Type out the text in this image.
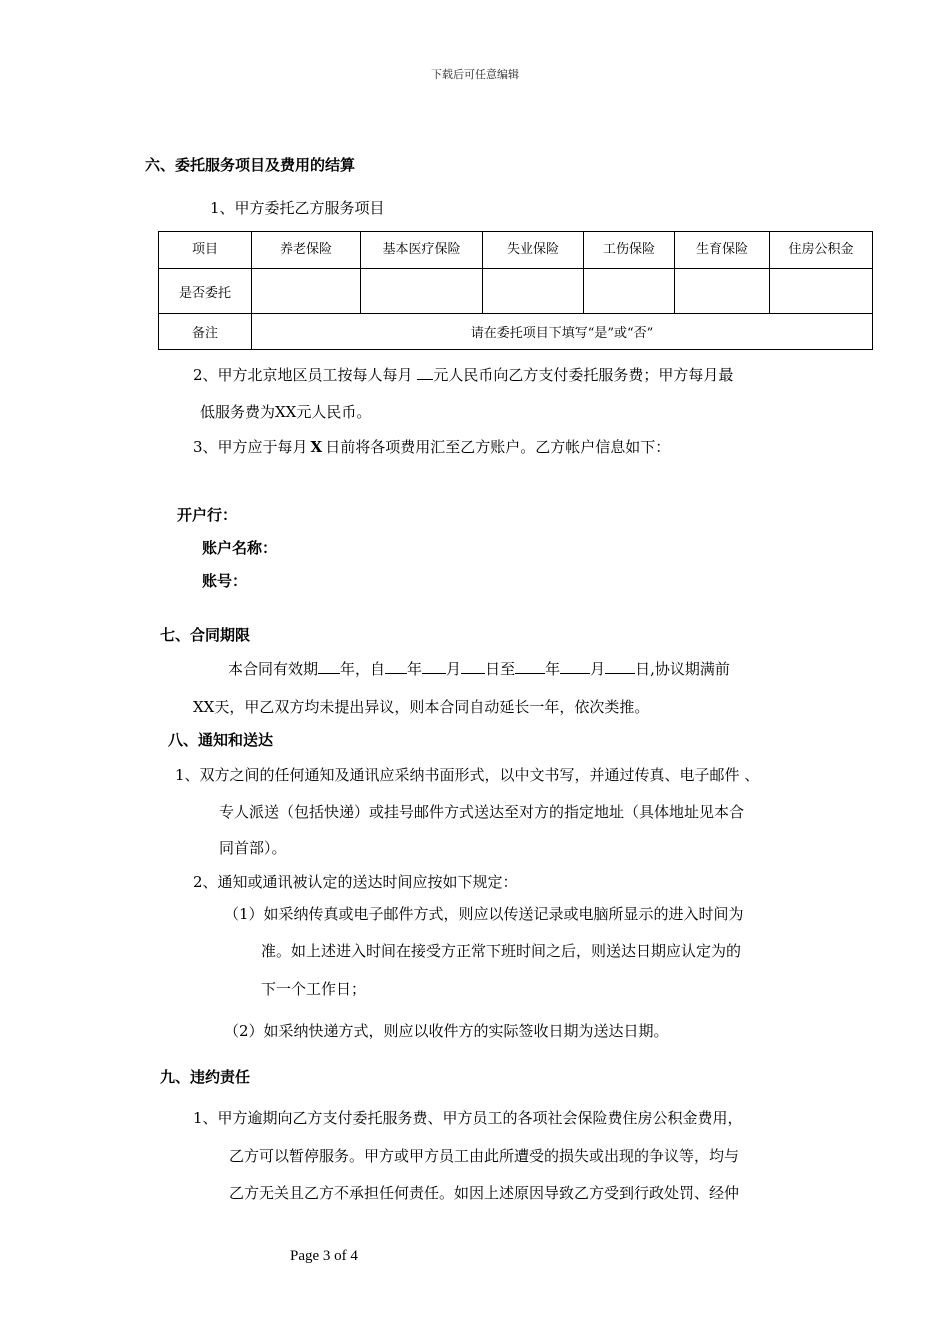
下载后可任意编辑
六、委托服务项目及费用的结算
1、甲方委托乙方服务项目
项目	养老保险	基本医疗保险	失业保险	工伤保险	生育保险	住房公积金
是否委托						
备注	请在委托项目下填写“是”或“否”					
2、甲方北京地区员工按每人每月 元人民币向乙方支付委托服务费；甲方每月最
低服务费为XX元人民币。
3、甲方应于每月 X 日前将各项费用汇至乙方账户。乙方帐户信息如下：
开户行：
账户名称：
账号：
七、合同期限
本合同有效期 年，自 年 月 日至 年 月 日,协议期满前
XX天，甲乙双方均未提出异议，则本合同自动延长一年，依次类推。
八、通知和送达
1、双方之间的任何通知及通讯应采纳书面形式，以中文书写，并通过传真、电子邮件 、
专人派送（包括快递）或挂号邮件方式送达至对方的指定地址（具体地址见本合
同首部）。
2、通知或通讯被认定的送达时间应按如下规定：
（1）如采纳传真或电子邮件方式，则应以传送记录或电脑所显示的进入时间为
准。如上述进入时间在接受方正常下班时间之后，则送达日期应认定为的
下一个工作日；
（2）如采纳快递方式，则应以收件方的实际签收日期为送达日期。
九、违约责任
1、甲方逾期向乙方支付委托服务费、甲方员工的各项社会保险费住房公积金费用，
乙方可以暂停服务。甲方或甲方员工由此所遭受的损失或出现的争议等，均与
乙方无关且乙方不承担任何责任。如因上述原因导致乙方受到行政处罚、经仲
Page 3 of 4
